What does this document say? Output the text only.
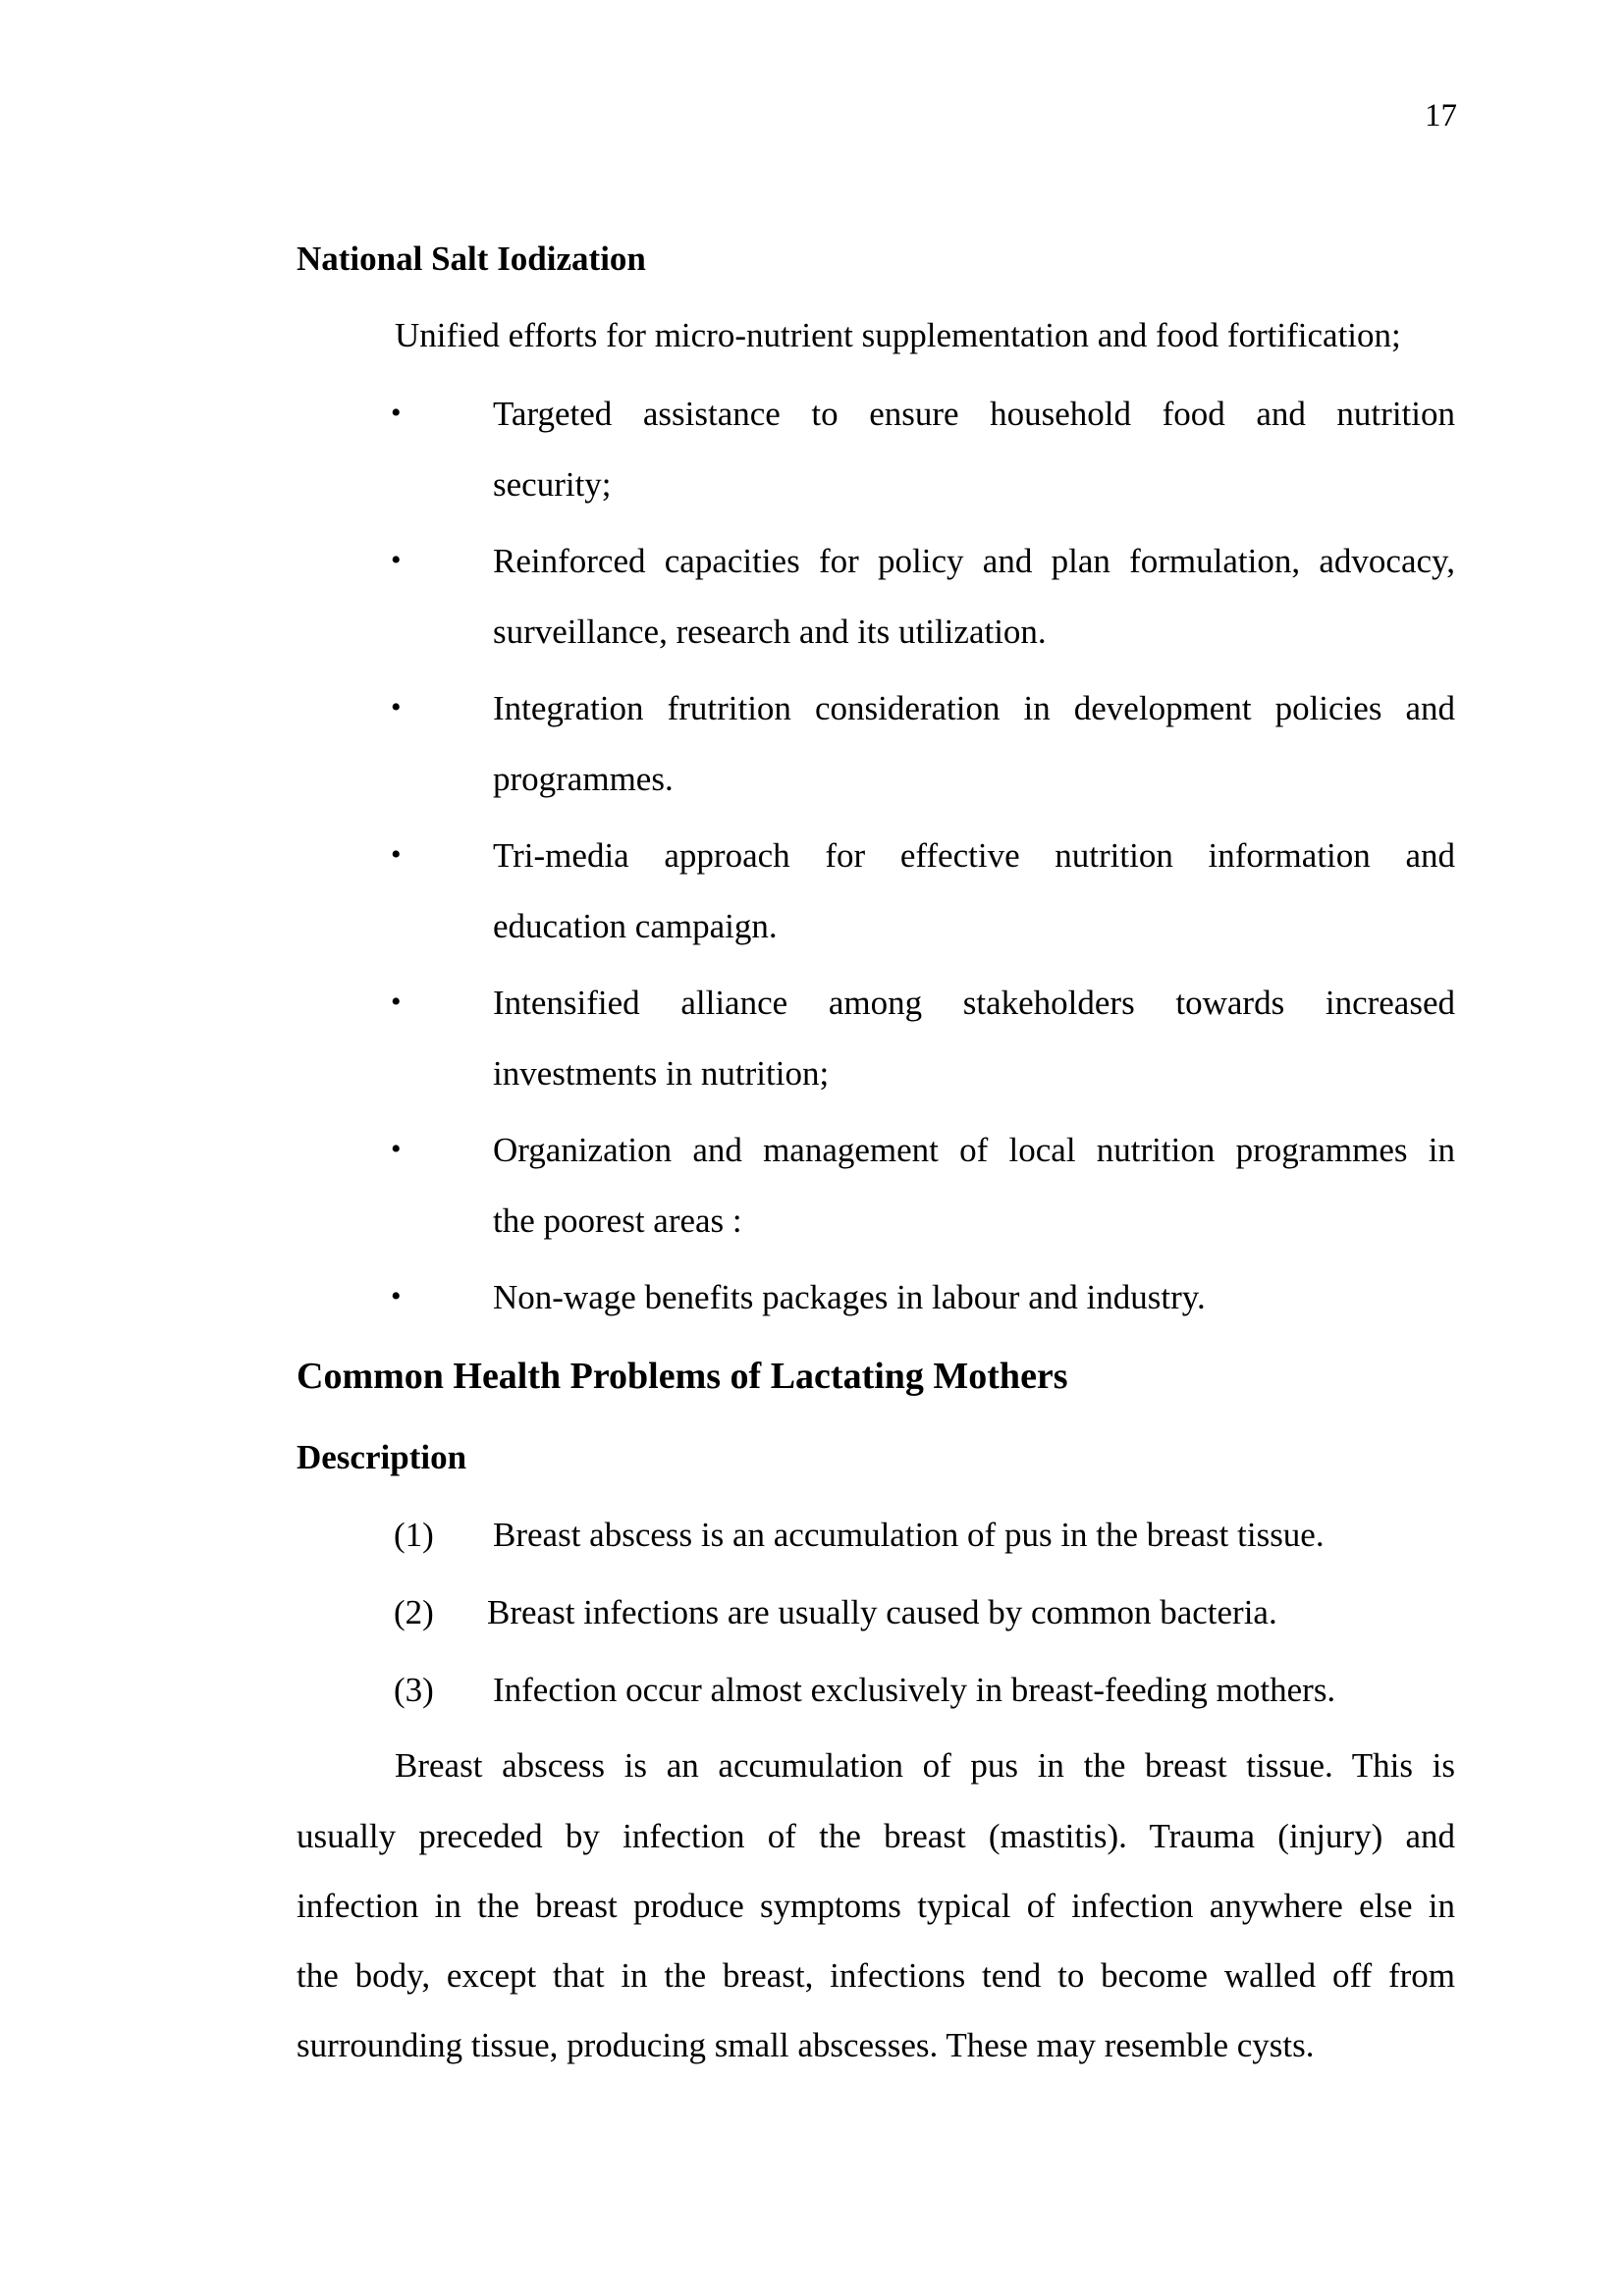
17
National Salt Iodization
Unified efforts for micro-nutrient supplementation and food fortification;
•	Targeted assistance to ensure household food and nutrition
security;
•	Reinforced capacities for policy and plan formulation, advocacy,
surveillance, research and its utilization.
•	Integration frutrition consideration in development policies and
programmes.
•	Tri-media approach for effective nutrition information and
education campaign.
•	Intensified alliance among stakeholders towards increased
investments in nutrition;
•	Organization and management of local nutrition programmes in
the poorest areas :
•	Non-wage benefits packages in labour and industry.
Common Health Problems of Lactating Mothers
Description
(1) Breast abscess is an accumulation of pus in the breast tissue.
(2) Breast infections are usually caused by common bacteria.
(3) Infection occur almost exclusively in breast-feeding mothers.
Breast abscess is an accumulation of pus in the breast tissue. This is
usually preceded by infection of the breast (mastitis). Trauma (injury) and
infection in the breast produce symptoms typical of infection anywhere else in
the body, except that in the breast, infections tend to become walled off from
surrounding tissue, producing small abscesses. These may resemble cysts.
